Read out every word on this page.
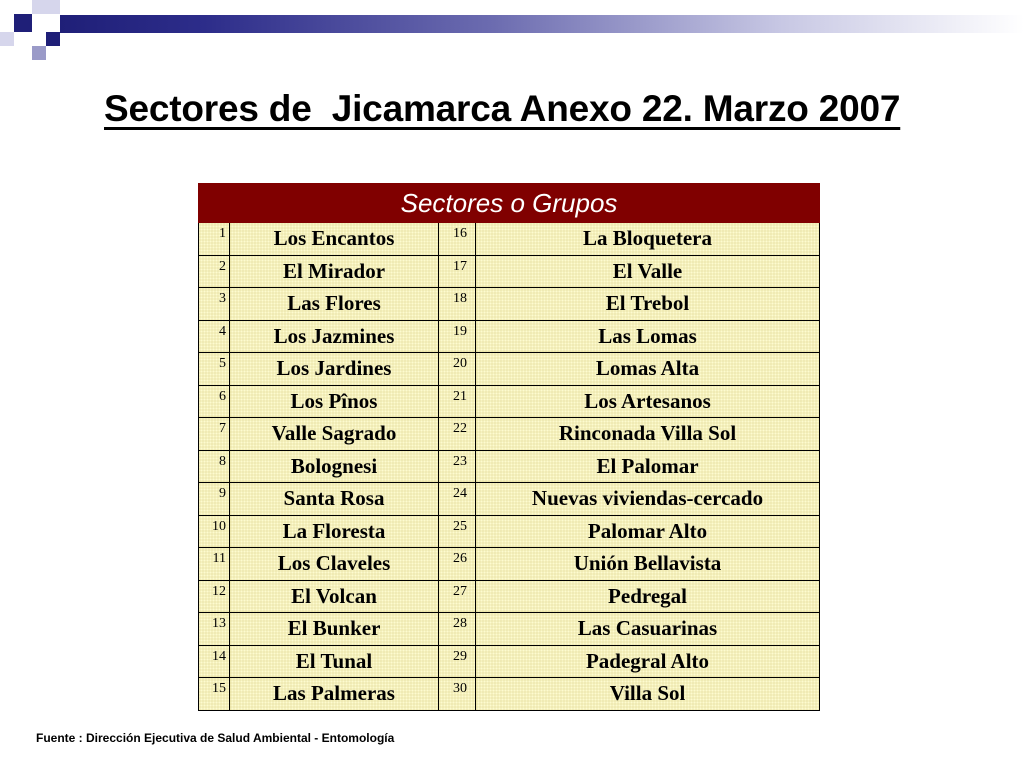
Sectores de  Jicamarca Anexo 22. Marzo 2007
Sectores o Grupos			
1	Los Encantos	16	La Bloquetera
2	El Mirador	17	El Valle
3	Las Flores	18	El Trebol
4	Los Jazmines	19	Las Lomas
5	Los Jardines	20	Lomas Alta
6	Los Pînos	21	Los Artesanos
7	Valle Sagrado	22	Rinconada Villa Sol
8	Bolognesi	23	El Palomar
9	Santa Rosa	24	Nuevas viviendas-cercado
10	La Floresta	25	Palomar Alto
11	Los Claveles	26	Unión Bellavista
12	El Volcan	27	Pedregal
13	El Bunker	28	Las Casuarinas
14	El Tunal	29	Padegral Alto
15	Las Palmeras	30	Villa Sol

Fuente : Dirección Ejecutiva de Salud Ambiental - Entomología
